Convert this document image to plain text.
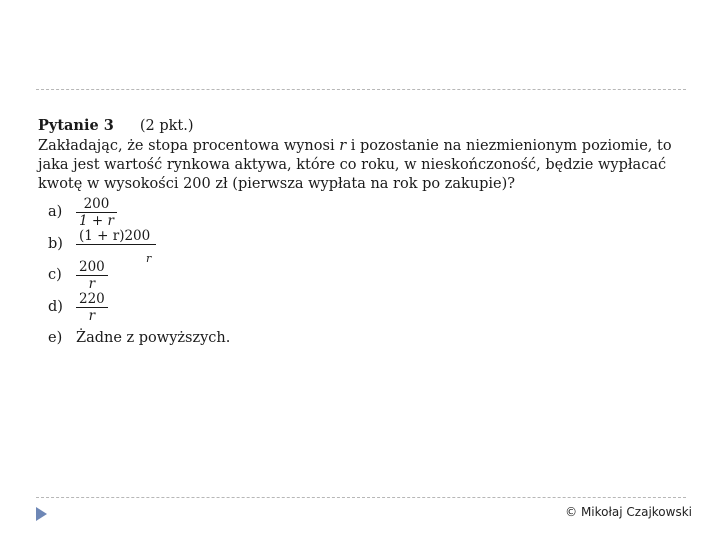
Pytanie 3 (2 pkt.)

Zakładając, że stopa procentowa wynosi r i pozostanie na niezmienionym poziomie, to jaka jest wartość rynkowa aktywa, które co roku, w nieskończoność, będzie wypłacać kwotę w wysokości 200 zł (pierwsza wypłata na rok po zakupie)?

a)	$\frac{200}{1 + r}$
b)	(1 + r)200

r
c)	$\frac{200}{r}$
$d) \frac{220}{r}$
e) Żadne z powyższych.
© Mikołaj Czajkowski
